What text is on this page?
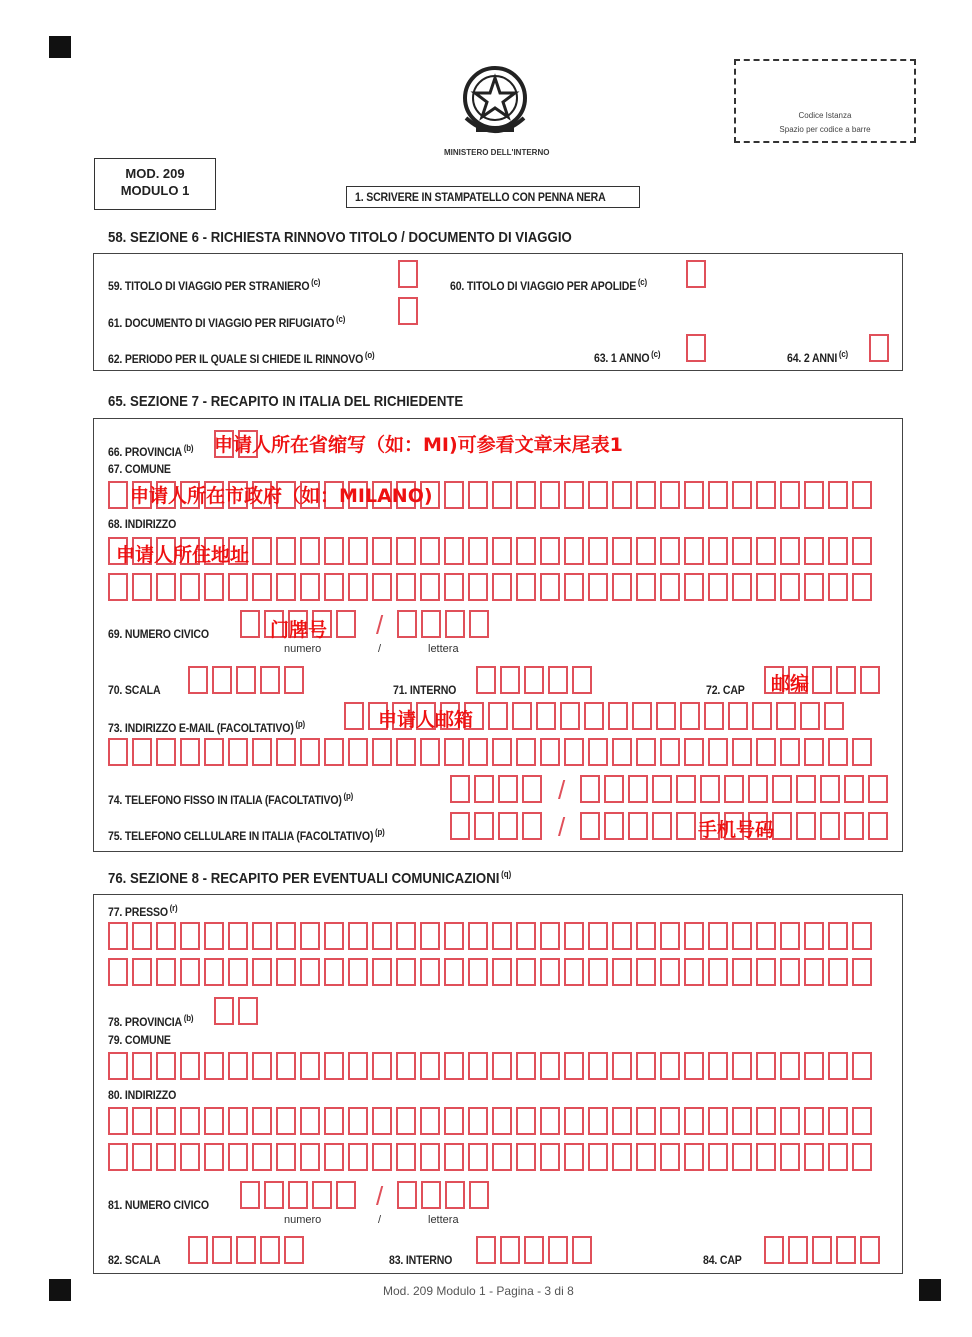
MINISTERO DELL'INTERNO
Codice Istanza
Spazio per codice a barre
MOD. 209
MODULO 1	1. SCRIVERE IN STAMPATELLO CON PENNA NERA
58. SEZIONE 6 - RICHIESTA RINNOVO TITOLO / DOCUMENTO DI VIAGGIO
59. TITOLO DI VIAGGIO PER STRANIERO $^{(c)}$	60. TITOLO DI VIAGGIO PER APOLIDE $^{(c)}$
61. DOCUMENTO DI VIAGGIO PER RIFUGIATO $^{(c)}$
62. PERIODO PER IL QUALE SI CHIEDE IL RINNOVO $^{(o)}$	63. 1 ANNO $^{(c)}$	64. 2 ANNI $^{(c)}$
65. SEZIONE 7 - RECAPITO IN ITALIA DEL RICHIEDENTE
66. PROVINCIA $^{(b)}$ 申请人所在省缩写（如：MI)可参看文章末尾表1
67. COMUNE
申请人所在市政府（如：MILANO)
68. INDIRIZZO
申请人所住地址
69. NUMERO CIVICO	门牌号 /
numero	/	lettera
70. SCALA	71. INTERNO	72. CAP 邮编
73. INDIRIZZO E-MAIL (FACOLTATIVO) $^{(p)}$	申请人邮箱
74. TELEFONO FISSO IN ITALIA (FACOLTATIVO) $^{(p)}$	/
75. TELEFONO CELLULARE IN ITALIA (FACOLTATIVO) $^{(p)}$	/	手机号码
76. SEZIONE 8 - RECAPITO PER EVENTUALI COMUNICAZIONI $^{(q)}$
77. PRESSO $^{(r)}$
78. PROVINCIA $^{(b)}$
79. COMUNE
80. INDIRIZZO
81. NUMERO CIVICO	/
numero	/	lettera
82. SCALA	83. INTERNO	84. CAP
Mod. 209 Modulo 1 - Pagina - 3 di 8
